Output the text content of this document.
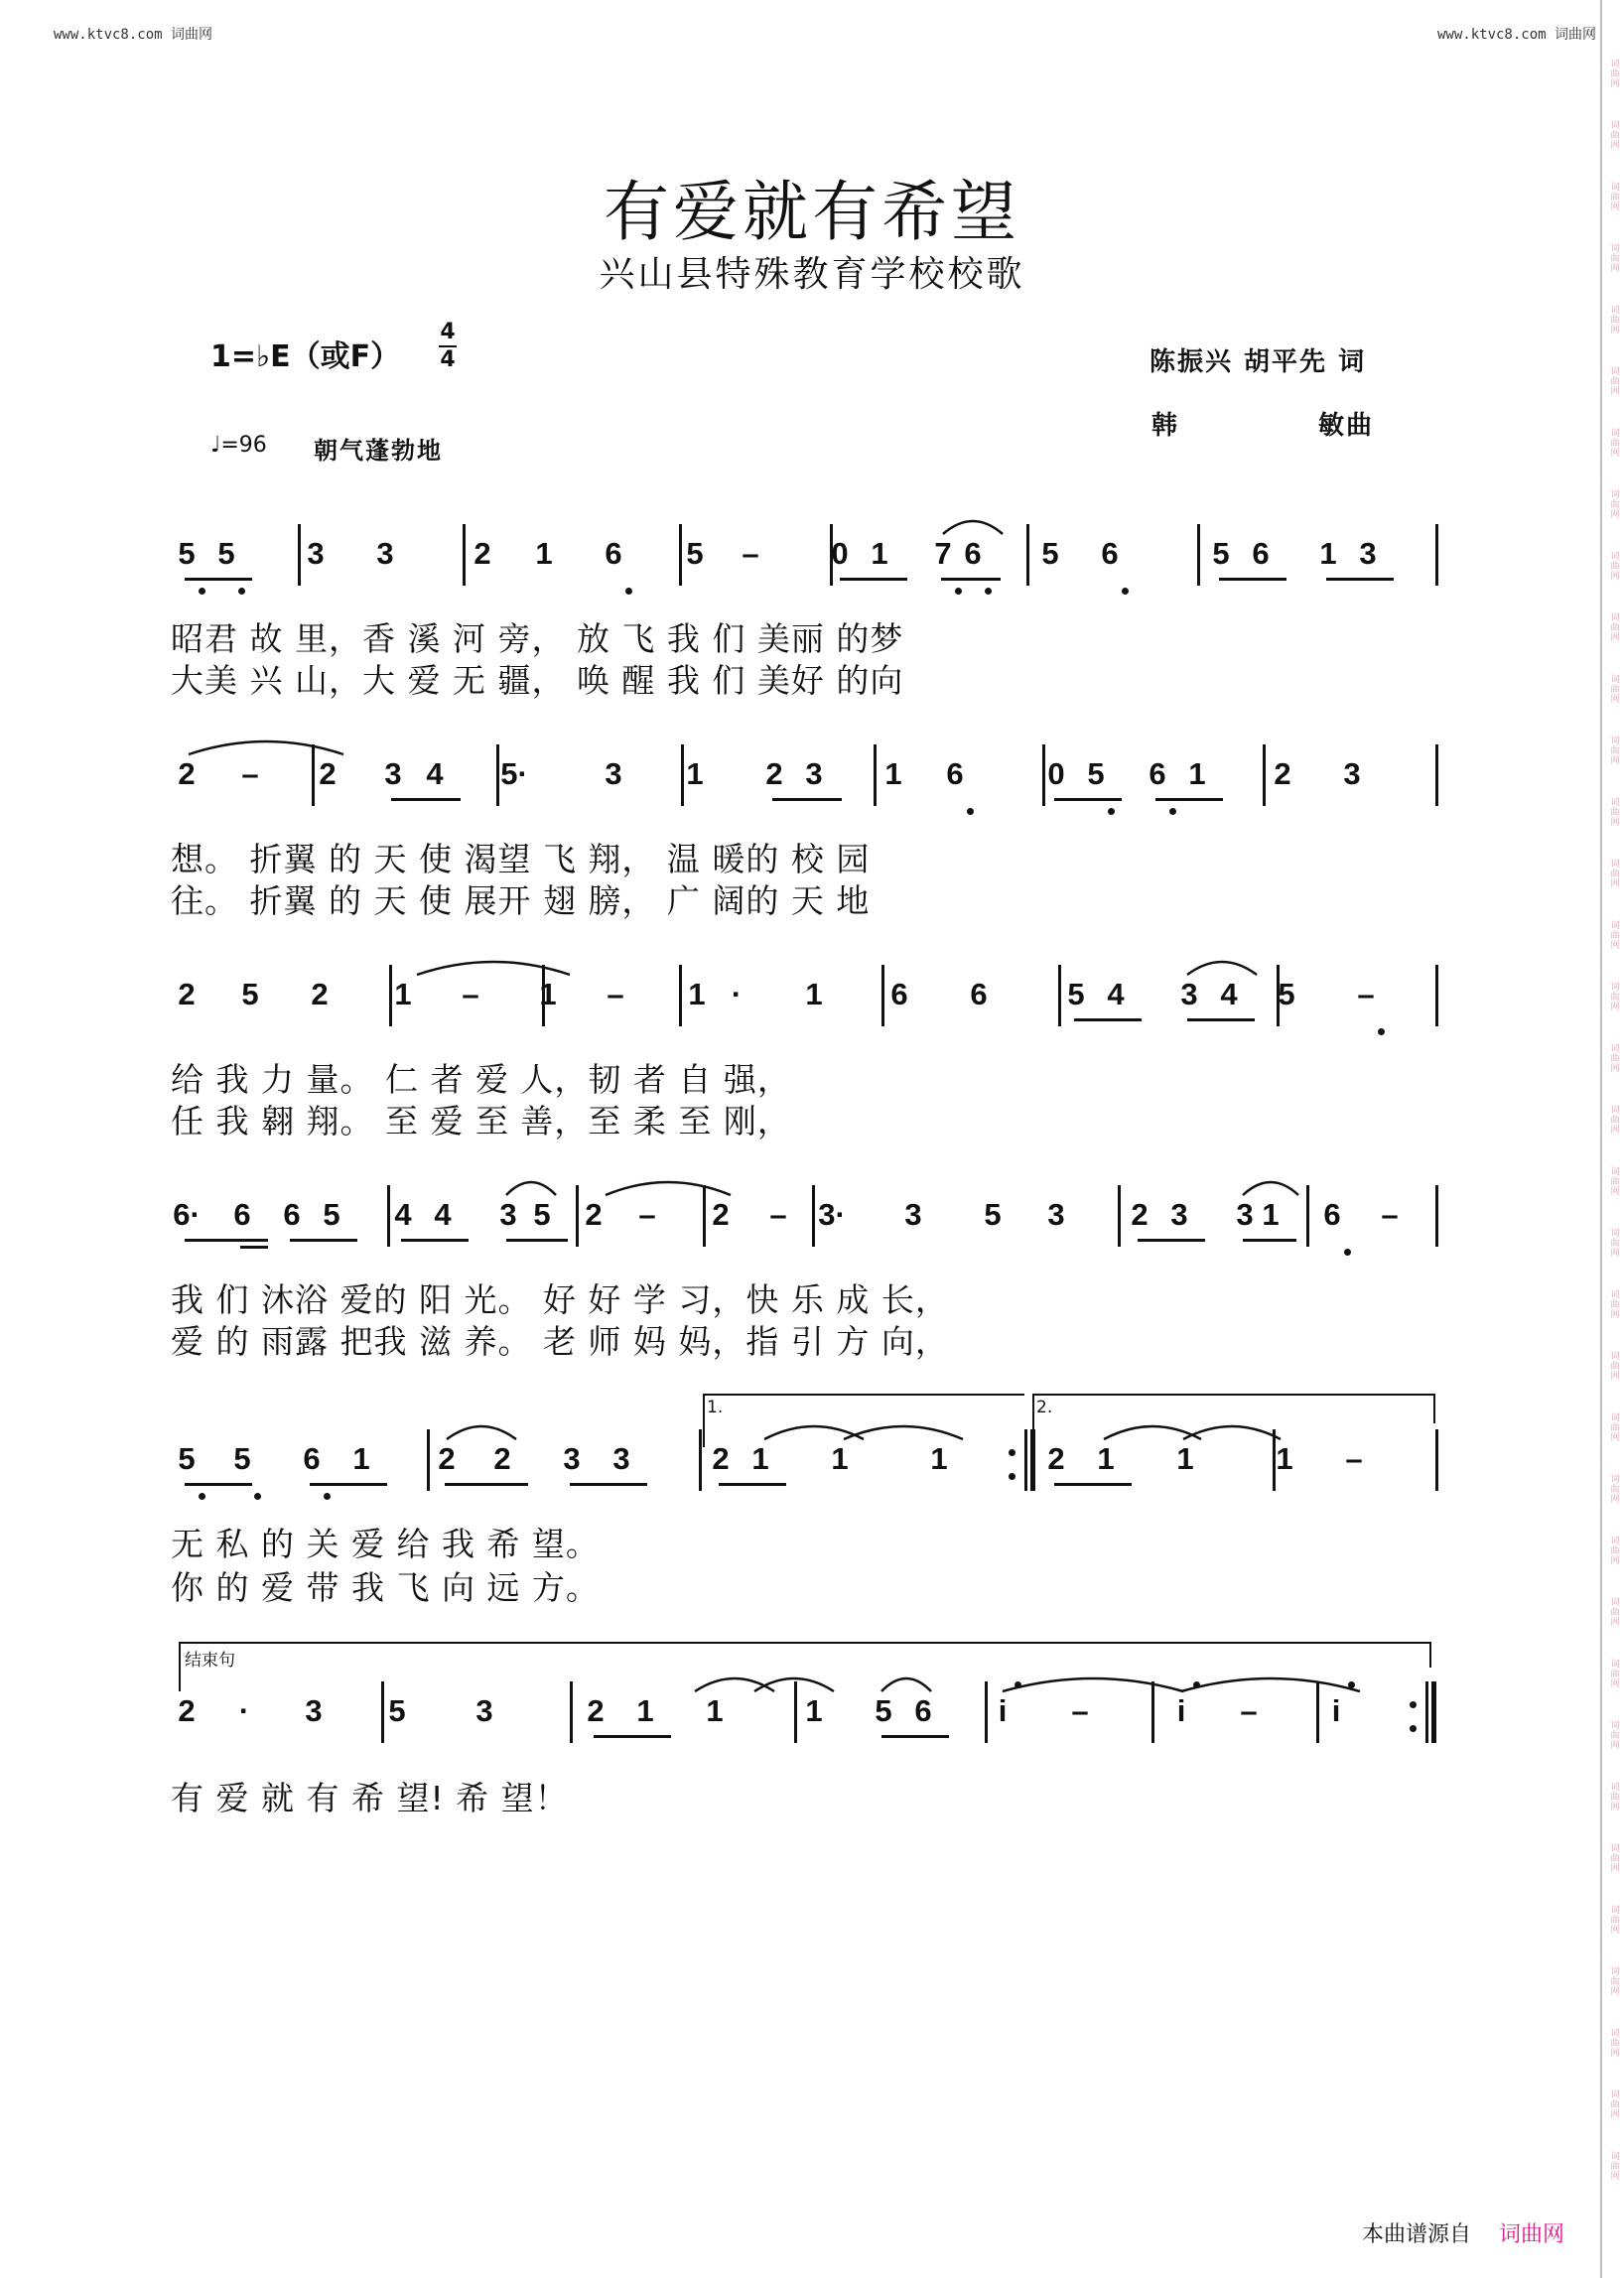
www.ktvc8.com 词曲网	www.ktvc8.com 词曲网
词
曲
网
词
曲
网
词
曲
网
词
曲
网
词
曲
网
词
曲
网
词
曲
网
词
曲
网
词
曲
网
词
曲
网
词
曲
网
词
曲
网
词
曲
网
词
曲
网
词
曲
网
词
曲
网
词
曲
网
词
曲
网
词
曲
网
词
曲
网
词
曲
网
词
曲
网
词
曲
网
词
曲
网
词
曲
网
词
曲
网
词
曲
网
词
曲
网
词
曲
网
词
曲
网
词
曲
网
词
曲
网
词
曲
网
词
曲
网
词
曲
网
有爱就有希望
兴山县特殊教育学校校歌
1=♭E（或F）
4
4
♩=96 朝气蓬勃地
陈振兴 胡平先 词
韩	敏曲
5 5 3 3	2 1 6 5 – 0 1 7 6 5 6	5 6 1 3
2 – 2 3 4 5·	3 1 2 3 1 6	0 5 6 1 2 3
2 5 2 1 – 1 – 1 ·	1 6 6	5 4 3 4 5 –
6· 6 6 5 4 4 3 5 2 – 2 – 3· 3 5 3 2 3 3 1 6 –
5 5 6 1 2 2 3 3	2 1 1	1	2 1 1	1 –
2	·	3 5 3	2 1 1	1 5 6	i	–	i	–	i
1.	2.
结束句
昭君 故 里，香 溪 河 旁， 放 飞 我 们 美丽 的梦
大美 兴 山，大 爱 无 疆， 唤 醒 我 们 美好 的向
想。 折翼 的 天 使 渴望 飞 翔， 温 暖的 校 园
往。 折翼 的 天 使 展开 翅 膀， 广 阔的 天 地
给 我 力 量。 仁 者 爱 人，韧 者 自 强，
任 我 翱 翔。 至 爱 至 善，至 柔 至 刚，
我 们 沐浴 爱的 阳 光。 好 好 学 习，快 乐 成 长，
爱 的 雨露 把我 滋 养。 老 师 妈 妈，指 引 方 向，
无 私 的 关 爱 给 我 希 望。
你 的 爱 带 我 飞 向 远 方。
有 爱 就 有 希 望! 希 望！
本曲谱源自 词曲网
